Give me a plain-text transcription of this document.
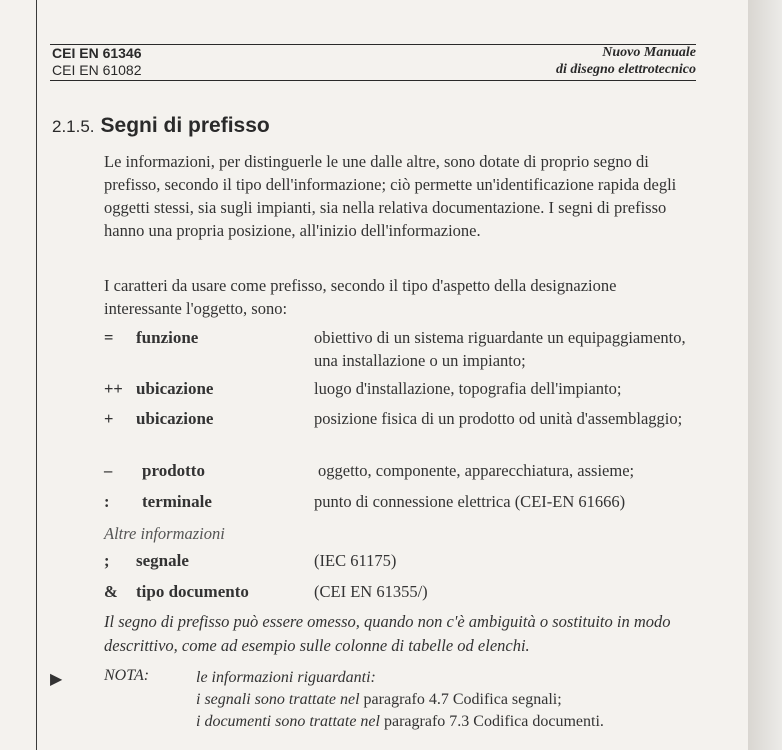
CEI EN 61346
CEI EN 61082
Nuovo Manuale
di disegno elettrotecnico
2.1.5. Segni di prefisso
Le informazioni, per distinguerle le une dalle altre, sono dotate di proprio segno di prefisso, secondo il tipo dell'informazione; ciò permette un'identificazione rapida degli oggetti stessi, sia sugli impianti, sia nella relativa documentazione. I segni di prefisso hanno una propria posizione, all'inizio dell'informazione.
I caratteri da usare come prefisso, secondo il tipo d'aspetto della designazione interessante l'oggetto, sono:
= funzione	obiettivo di un sistema riguardante un equipaggiamento, una installazione o un impianto;
++ ubicazione	luogo d'installazione, topografia dell'impianto;
+ ubicazione	posizione fisica di un prodotto od unità d'assemblaggio;
– prodotto	oggetto, componente, apparecchiatura, assieme;
: terminale	punto di connessione elettrica (CEI-EN 61666)
Altre informazioni
; segnale	(IEC 61175)
& tipo documento	(CEI EN 61355/)
Il segno di prefisso può essere omesso, quando non c'è ambiguità o sostituito in modo descrittivo, come ad esempio sulle colonne di tabelle od elenchi.
▶	NOTA:	le informazioni riguardanti:
i segnali sono trattate nel paragrafo 4.7 Codifica segnali;
i documenti sono trattate nel paragrafo 7.3 Codifica documenti.
